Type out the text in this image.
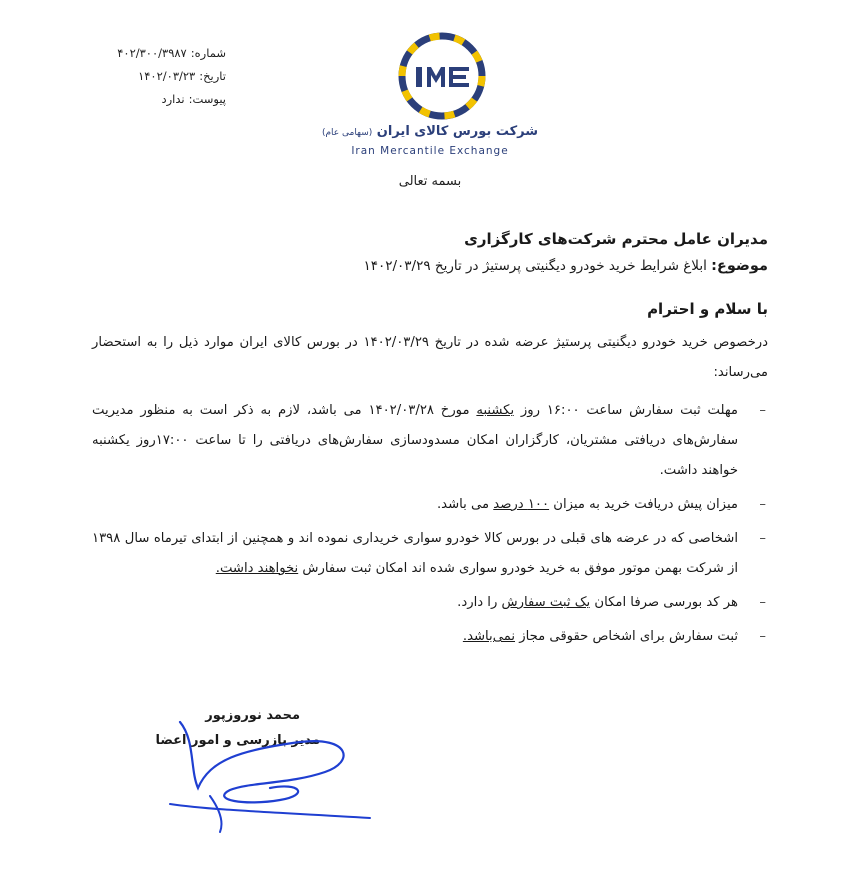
شماره:۴۰۲/۳۰۰/۳۹۸۷
تاریخ:۱۴۰۲/۰۳/۲۳
پیوست:ندارد
شرکت بورس کالای ایران (سهامی عام)
Iran Mercantile Exchange
بسمه تعالی
مدیران عامل محترم شرکت‌های کارگزاری
موضوع: ابلاغ شرایط خرید خودرو دیگنیتی پرستیژ در تاریخ ۱۴۰۲/۰۳/۲۹
با سلام و احترام
درخصوص خرید خودرو دیگنیتی پرستیژ عرضه شده در تاریخ ۱۴۰۲/۰۳/۲۹ در بورس کالای ایران موارد ذیل را به استحضار می‌رساند:
– مهلت ثبت سفارش ساعت ۱۶:۰۰ روز یکشنبه مورخ ۱۴۰۲/۰۳/۲۸ می باشد، لازم به ذکر است به منظور مدیریت سفارش‌های دریافتی مشتریان، کارگزاران امکان مسدودسازی سفارش‌های دریافتی را تا ساعت ۱۷:۰۰روز یکشنبه خواهند داشت.
– میزان پیش دریافت خرید به میزان ۱۰۰ درصد می باشد.
– اشخاصی که در عرضه های قبلی در بورس کالا خودرو سواری خریداری نموده اند و همچنین از ابتدای تیرماه سال ۱۳۹۸ از شرکت بهمن موتور موفق به خرید خودرو سواری شده اند امکان ثبت سفارش نخواهند داشت.
– هر کد بورسی صرفا امکان یک ثبت سفارش را دارد.
– ثبت سفارش برای اشخاص حقوقی مجاز نمی‌باشد.
محمد نوروزپور
مدیر بازرسی و امور اعضا
